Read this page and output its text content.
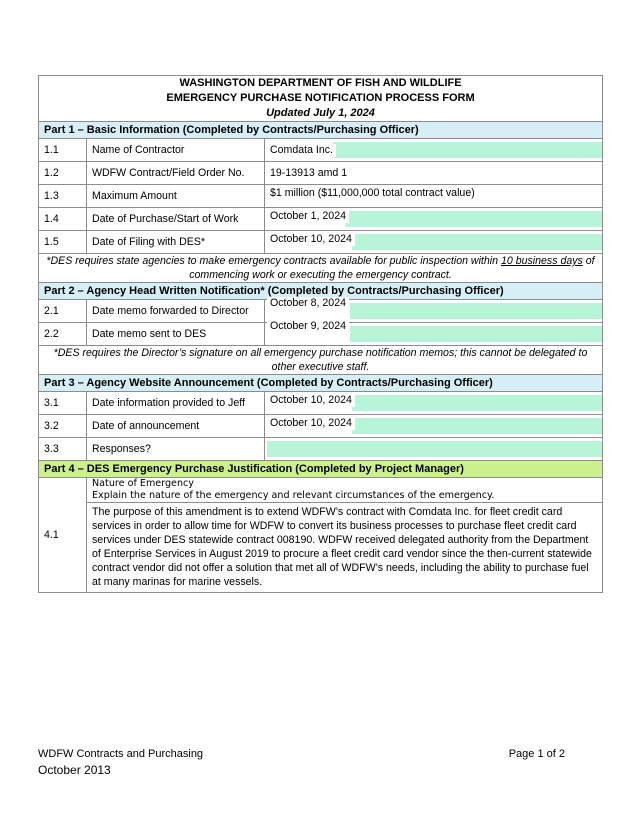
WASHINGTON DEPARTMENT OF FISH AND WILDLIFE
EMERGENCY PURCHASE NOTIFICATION PROCESS FORM
Updated July 1, 2024		

Part 1 – Basic Information (Completed by Contracts/Purchasing Officer)		
1.1	Name of Contractor	Comdata Inc.
1.2	WDFW Contract/Field Order No.	19-13913 amd 1
1.3	Maximum Amount	$1 million ($11,000,000 total contract value)

1.4	Date of Purchase/Start of Work	October 1, 2024

1.5	Date of Filing with DES*	October 10, 2024

*DES requires state agencies to make emergency contracts available for public inspection within 10 business days of commencing work or executing the emergency contract.		
Part 2 – Agency Head Written Notification* (Completed by Contracts/Purchasing Officer)		
2.1	Date memo forwarded to Director	October 8, 2024

2.2	Date memo sent to DES	October 9, 2024

*DES requires the Director’s signature on all emergency purchase notification memos; this cannot be delegated to other executive staff.		
Part 3 – Agency Website Announcement (Completed by Contracts/Purchasing Officer)		
3.1	Date information provided to Jeff	October 10, 2024

3.2	Date of announcement	October 10, 2024

3.3	Responses?	

Part 4 – DES Emergency Purchase Justification (Completed by Project Manager)		
4.1	Nature of Emergency
Explain the nature of the emergency and relevant circumstances of the emergency.
The purpose of this amendment is to extend WDFW’s contract with Comdata Inc. for fleet credit card services in order to allow time for WDFW to convert its business processes to purchase fleet credit card services under DES statewide contract 008190. WDFW received delegated authority from the Department of Enterprise Services in August 2019 to procure a fleet credit card vendor since the then-current statewide contract vendor did not offer a solution that met all of WDFW’s needs, including the ability to purchase fuel at many marinas for marine vessels.	
WDFW Contracts and Purchasing
October 2013
Page 1 of 2
